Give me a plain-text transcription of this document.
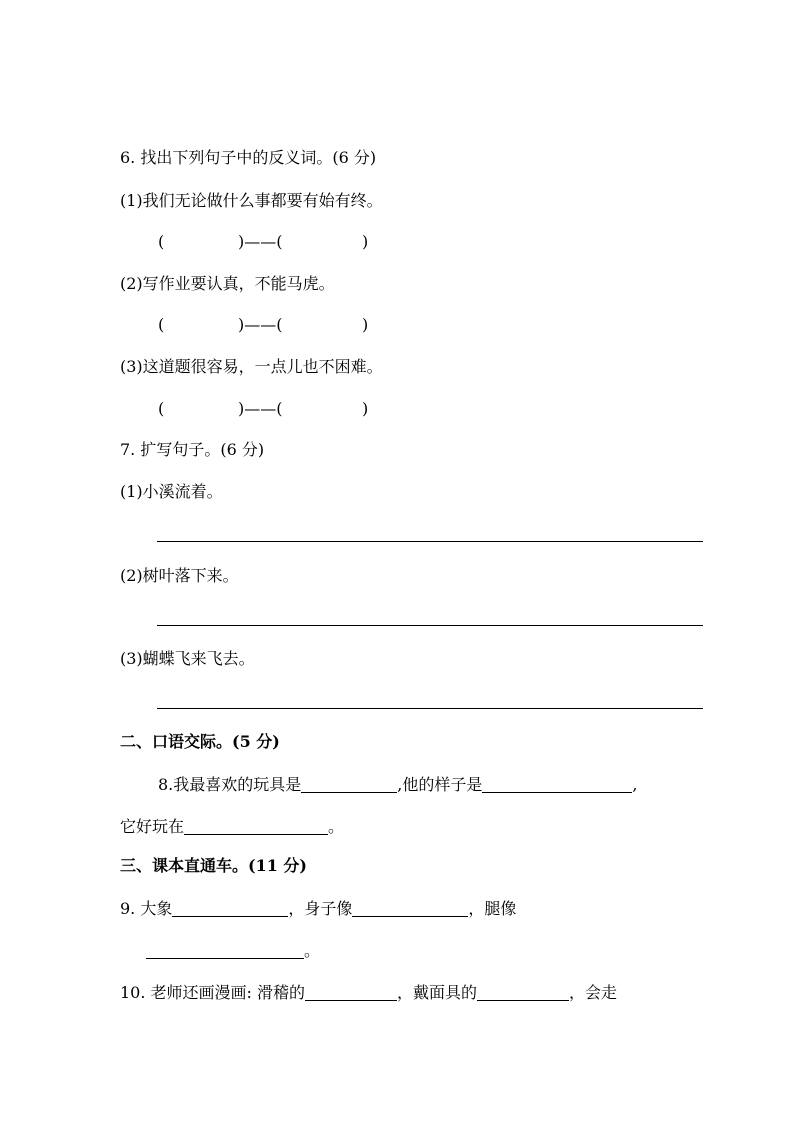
6. 找出下列句子中的反义词。(6 分)
(1)我们无论做什么事都要有始有终。
(	)——(	)
(2)写作业要认真，不能马虎。
(	)——(	)
(3)这道题很容易，一点儿也不困难。
(	)——(	)
7. 扩写句子。(6 分)
(1)小溪流着。
(2)树叶落下来。
(3)蝴蝶飞来飞去。
二、口语交际。(5 分)
8.我最喜欢的玩具是	,他的样子是	,
它好玩在	。
三、课本直通车。(11 分)
9. 大象	，身子像	，腿像
。
10. 老师还画漫画: 滑稽的	，戴面具的	，会走
